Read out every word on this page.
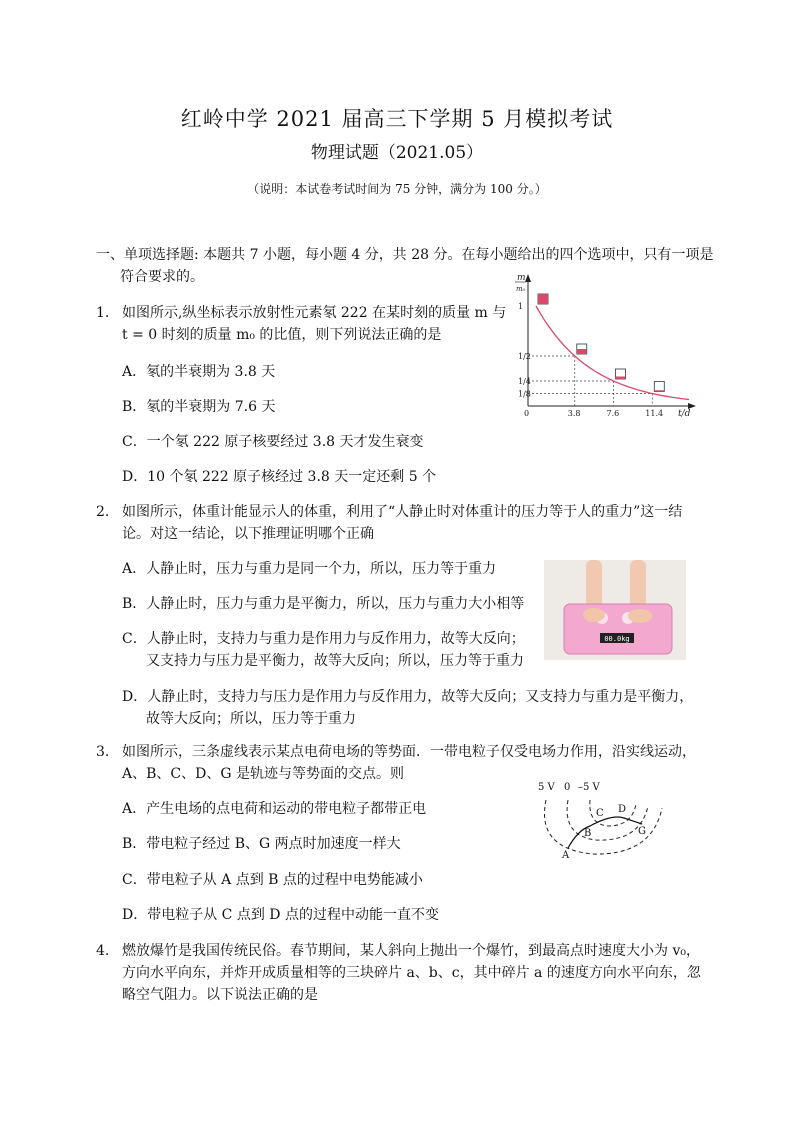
红岭中学 2021 届高三下学期 5 月模拟考试
物理试题（2021.05）
（说明：本试卷考试时间为 75 分钟，满分为 100 分。）
一、单项选择题: 本题共 7 小题，每小题 4 分，共 28 分。在每小题给出的四个选项中，只有一项是
符合要求的。
1. 如图所示,纵坐标表示放射性元素氡 222 在某时刻的质量 m 与
t = 0 时刻的质量 m₀ 的比值，则下列说法正确的是
A．氡的半衰期为 3.8 天
B．氡的半衰期为 7.6 天
C．一个氡 222 原子核要经过 3.8 天才发生衰变
D．10 个氡 222 原子核经过 3.8 天一定还剩 5 个
m
m₀
t/d
1
1/2
1/4
1/8
0	3.8	7.6	11.4
2. 如图所示，体重计能显示人的体重，利用了“人静止时对体重计的压力等于人的重力”这一结
论。对这一结论，以下推理证明哪个正确
A．人静止时，压力与重力是同一个力，所以，压力等于重力
B．人静止时，压力与重力是平衡力，所以，压力与重力大小相等
C．人静止时，支持力与重力是作用力与反作用力，故等大反向；
又支持力与压力是平衡力，故等大反向；所以，压力等于重力
D．人静止时，支持力与压力是作用力与反作用力，故等大反向；又支持力与重力是平衡力，
故等大反向；所以，压力等于重力
00.0kg
3. 如图所示，三条虚线表示某点电荷电场的等势面．一带电粒子仅受电场力作用，沿实线运动，
A、B、C、D、G 是轨迹与等势面的交点。则
A．产生电场的点电荷和运动的带电粒子都带正电
B．带电粒子经过 B、G 两点时加速度一样大
C．带电粒子从 A 点到 B 点的过程中电势能减小
D．带电粒子从 C 点到 D 点的过程中动能一直不变
5 V 0 –5 V
A
B
C D
G
4. 燃放爆竹是我国传统民俗。春节期间，某人斜向上抛出一个爆竹，到最高点时速度大小为 v₀，
方向水平向东，并炸开成质量相等的三块碎片 a、b、c，其中碎片 a 的速度方向水平向东，忽
略空气阻力。以下说法正确的是
